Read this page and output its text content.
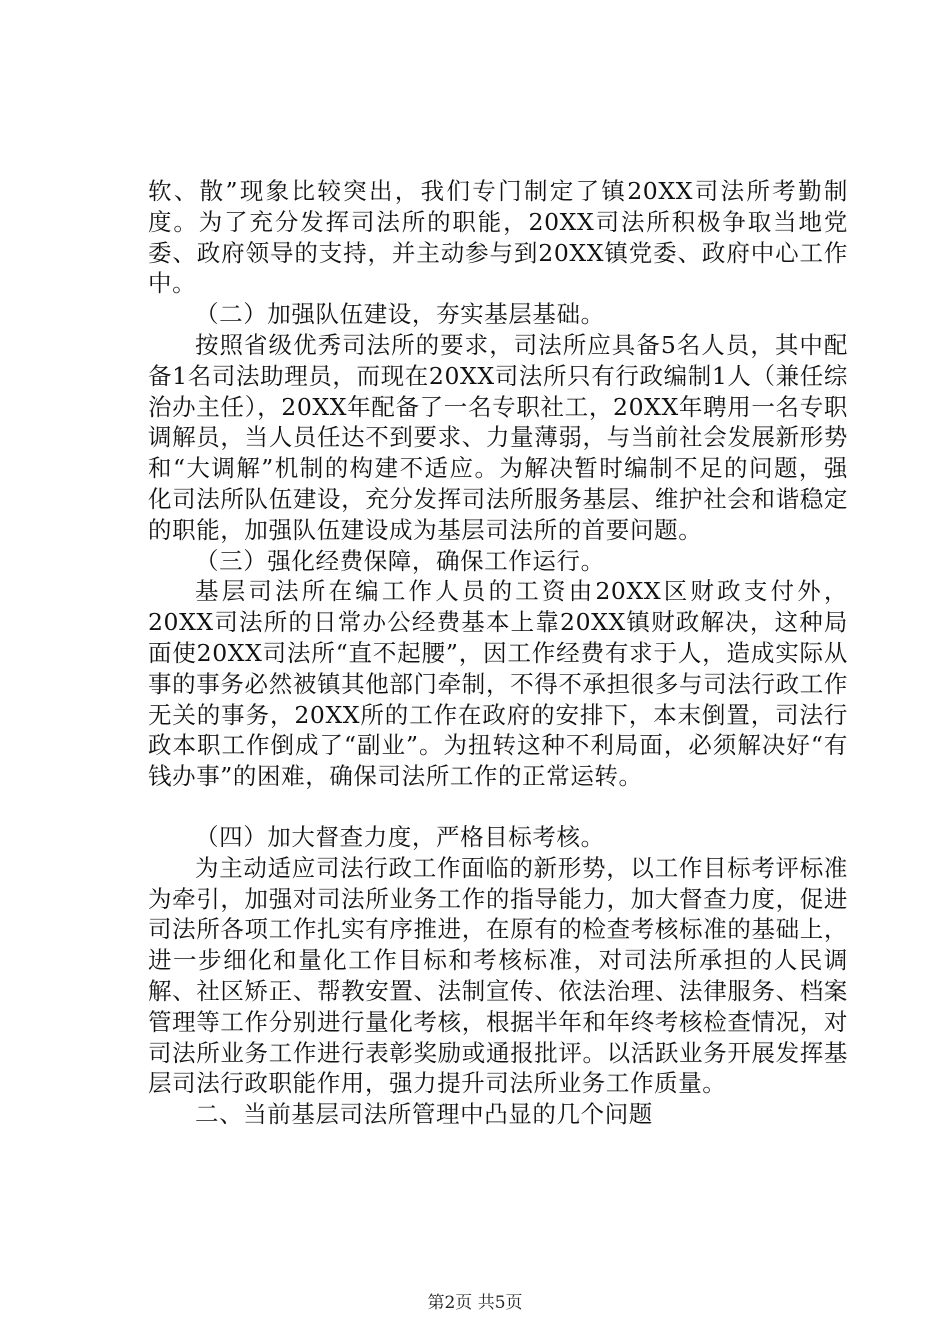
软、散”现象比较突出，我们专门制定了镇20XX司法所考勤制度。为了充分发挥司法所的职能，20XX司法所积极争取当地党委、政府领导的支持，并主动参与到20XX镇党委、政府中心工作中。

（二）加强队伍建设，夯实基层基础。

按照省级优秀司法所的要求，司法所应具备5名人员，其中配备1名司法助理员，而现在20XX司法所只有行政编制1人（兼任综治办主任），20XX年配备了一名专职社工，20XX年聘用一名专职调解员，当人员任达不到要求、力量薄弱，与当前社会发展新形势和“大调解”机制的构建不适应。为解决暂时编制不足的问题，强化司法所队伍建设，充分发挥司法所服务基层、维护社会和谐稳定的职能，加强队伍建设成为基层司法所的首要问题。

（三）强化经费保障，确保工作运行。

基层司法所在编工作人员的工资由20XX区财政支付外，20XX司法所的日常办公经费基本上靠20XX镇财政解决，这种局面使20XX司法所“直不起腰”，因工作经费有求于人，造成实际从事的事务必然被镇其他部门牵制，不得不承担很多与司法行政工作无关的事务，20XX所的工作在政府的安排下，本末倒置，司法行政本职工作倒成了“副业”。为扭转这种不利局面，必须解决好“有钱办事”的困难，确保司法所工作的正常运转。

（四）加大督查力度，严格目标考核。

为主动适应司法行政工作面临的新形势，以工作目标考评标准为牵引，加强对司法所业务工作的指导能力，加大督查力度，促进司法所各项工作扎实有序推进，在原有的检查考核标准的基础上，进一步细化和量化工作目标和考核标准，对司法所承担的人民调解、社区矫正、帮教安置、法制宣传、依法治理、法律服务、档案管理等工作分别进行量化考核，根据半年和年终考核检查情况，对司法所业务工作进行表彰奖励或通报批评。以活跃业务开展发挥基层司法行政职能作用，强力提升司法所业务工作质量。

二、当前基层司法所管理中凸显的几个问题

第2页 共5页
